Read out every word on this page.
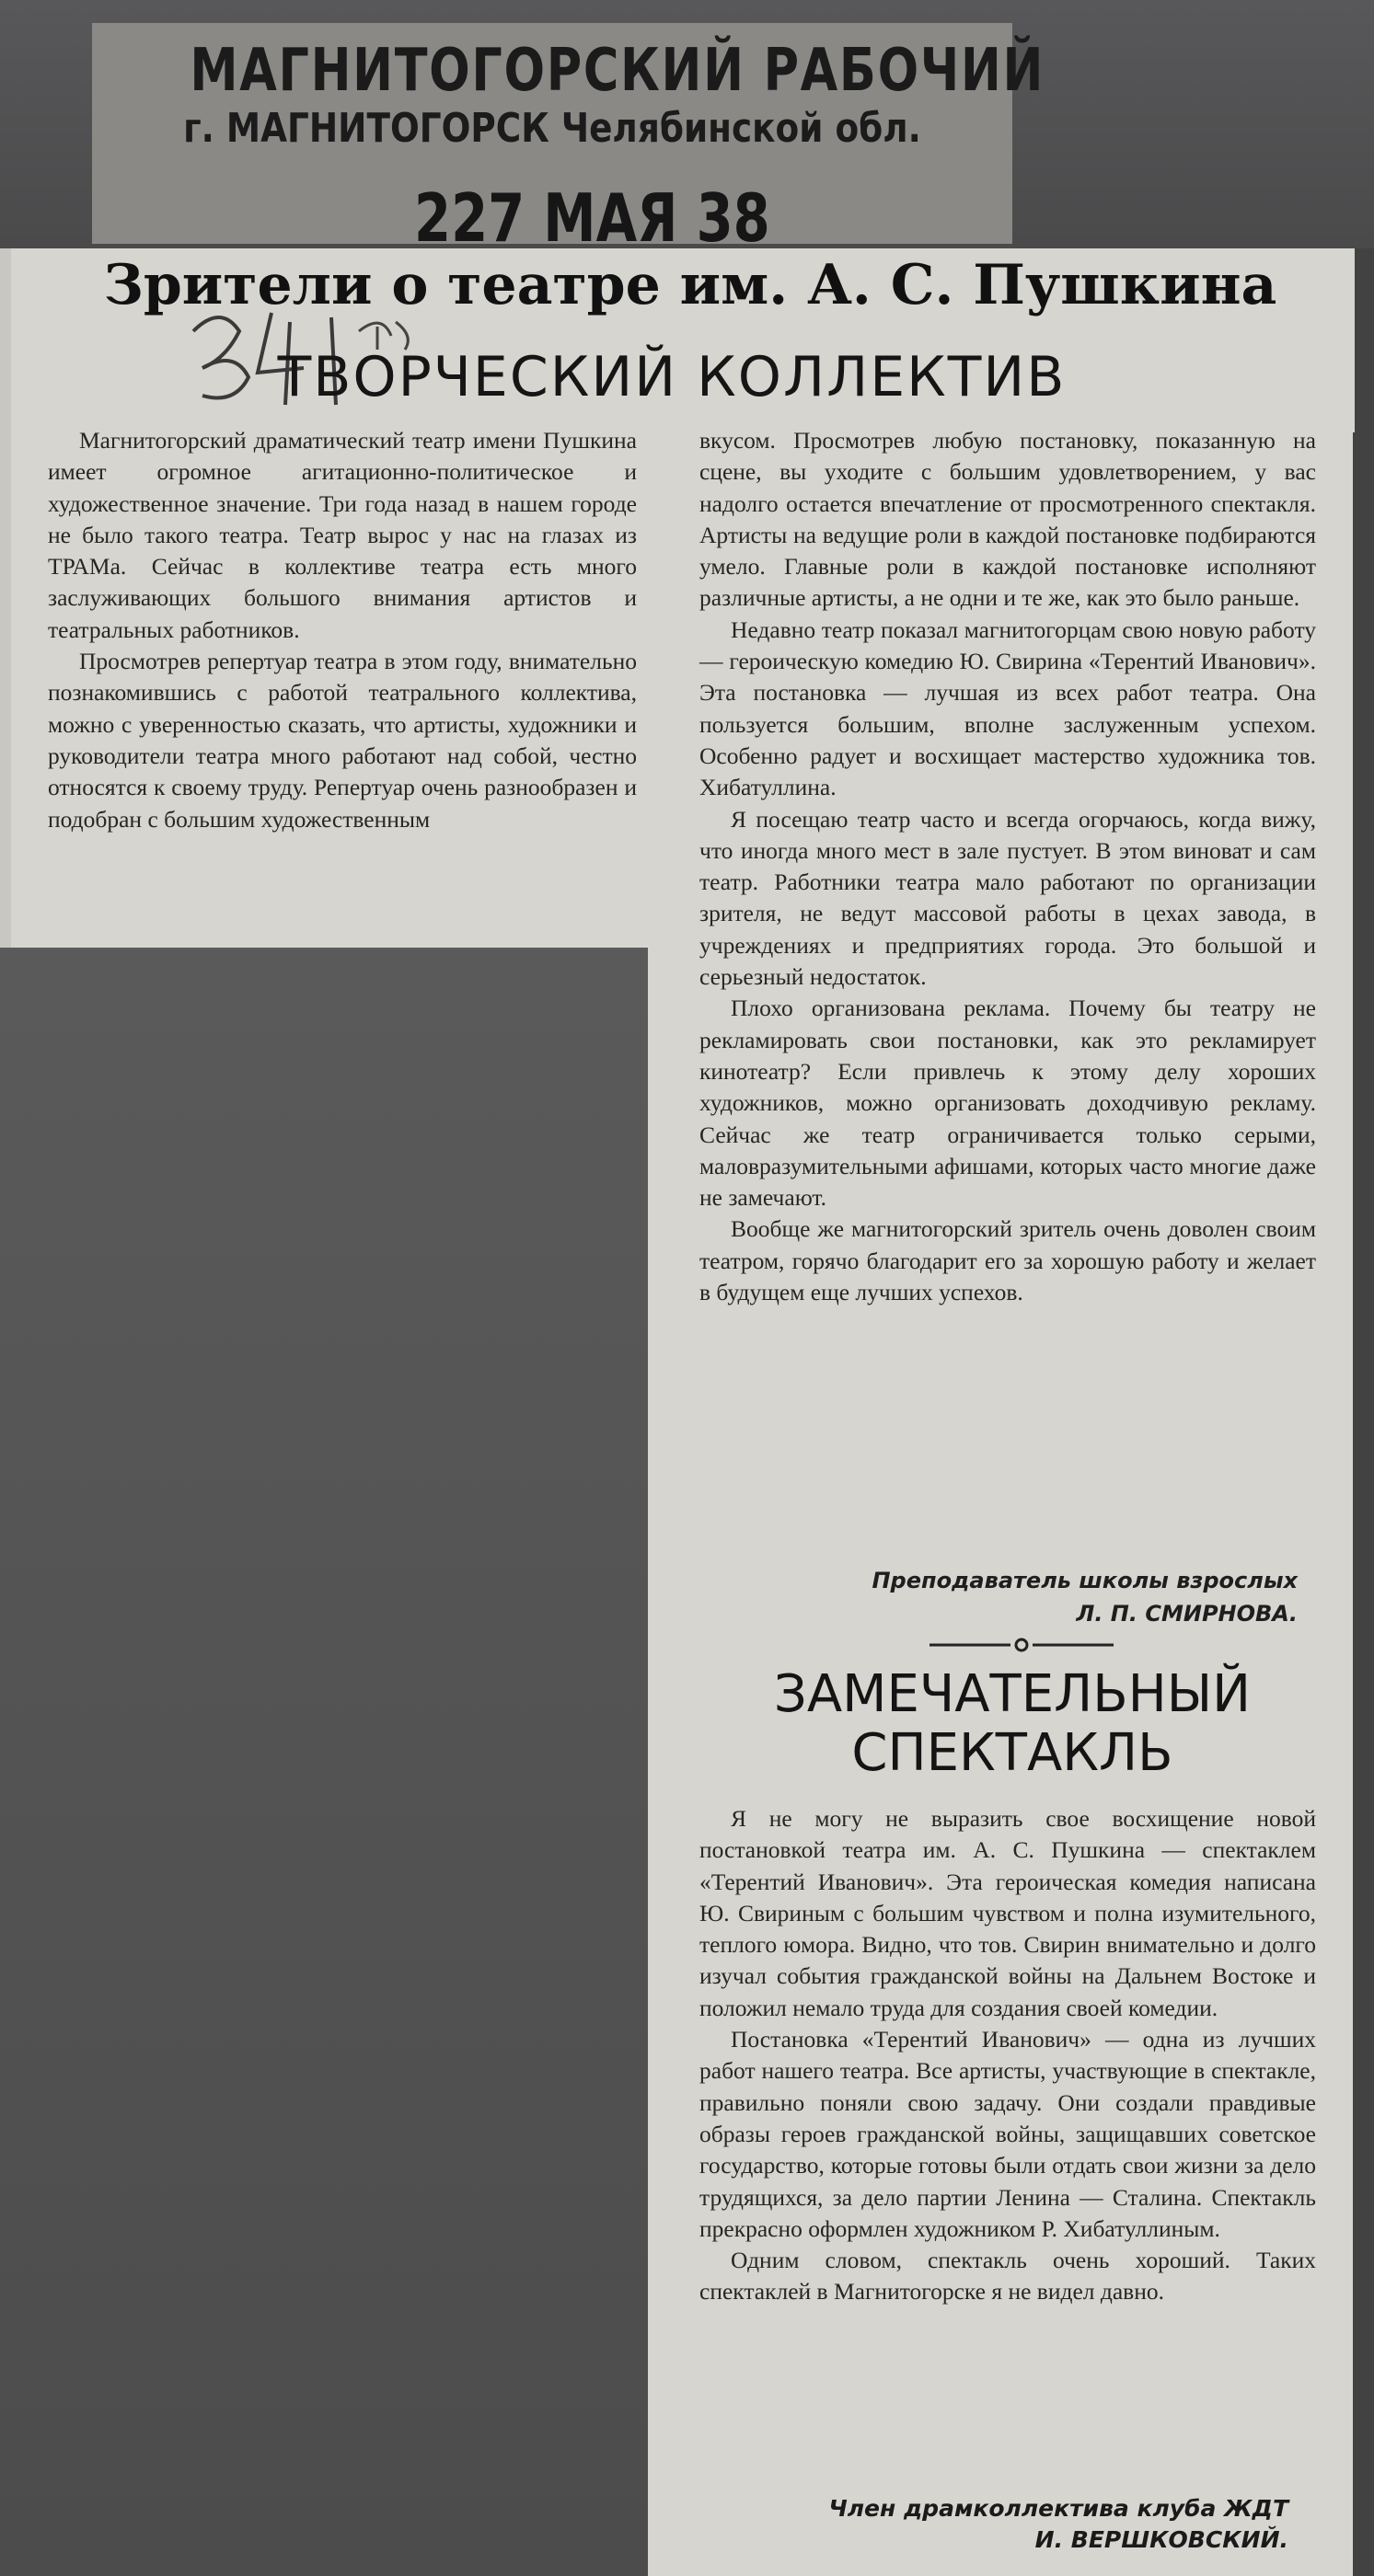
МАГНИТОГОРСКИЙ РАБОЧИЙ
г. МАГНИТОГОРСК Челябинской обл.
227 МАЯ 38
Зрители о театре им. А. С. Пушкина
ТВОРЧЕСКИЙ КОЛЛЕКТИВ

Магнитогорский драматический театр имени Пушкина имеет огромное агитационно-политическое и художественное значение. Три года назад в нашем городе не было такого театра. Театр вырос у нас на глазах из ТРАМа. Сейчас в коллективе театра есть много заслуживающих большого внимания артистов и театральных работников.

Просмотрев репертуар театра в этом году, внимательно познакомившись с работой театрального коллектива, можно с уверенностью сказать, что артисты, художники и руководители театра много работают над собой, честно относятся к своему труду. Репертуар очень разнообразен и подобран с большим художественным

вкусом. Просмотрев любую постановку, показанную на сцене, вы уходите с большим удовлетворением, у вас надолго остается впечатление от просмотренного спектакля. Артисты на ведущие роли в каждой постановке подбираются умело. Главные роли в каждой постановке исполняют различные артисты, а не одни и те же, как это было раньше.

Недавно театр показал магнитогорцам свою новую работу — героическую комедию Ю. Свирина «Терентий Иванович». Эта постановка — лучшая из всех работ театра. Она пользуется большим, вполне заслуженным успехом. Особенно радует и восхищает мастерство художника тов. Хибатуллина.

Я посещаю театр часто и всегда огорчаюсь, когда вижу, что иногда много мест в зале пустует. В этом виноват и сам театр. Работники театра мало работают по организации зрителя, не ведут массовой работы в цехах завода, в учреждениях и предприятиях города. Это большой и серьезный недостаток.

Плохо организована реклама. Почему бы театру не рекламировать свои постановки, как это рекламирует кинотеатр? Если привлечь к этому делу хороших художников, можно организовать доходчивую рекламу. Сейчас же театр ограничивается только серыми, маловразумительными афишами, которых часто многие даже не замечают.

Вообще же магнитогорский зритель очень доволен своим театром, горячо благодарит его за хорошую работу и желает в будущем еще лучших успехов.

Преподаватель школы взрослых
Л. П. СМИРНОВА.
ЗАМЕЧАТЕЛЬНЫЙ
СПЕКТАКЛЬ

Я не могу не выразить свое восхищение новой постановкой театра им. А. С. Пушкина — спектаклем «Терентий Иванович». Эта героическая комедия написана Ю. Свириным с большим чувством и полна изумительного, теплого юмора. Видно, что тов. Свирин внимательно и долго изучал события гражданской войны на Дальнем Востоке и положил немало труда для создания своей комедии.

Постановка «Терентий Иванович» — одна из лучших работ нашего театра. Все артисты, участвующие в спектакле, правильно поняли свою задачу. Они создали правдивые образы героев гражданской войны, защищавших советское государство, которые готовы были отдать свои жизни за дело трудящихся, за дело партии Ленина — Сталина. Спектакль прекрасно оформлен художником Р. Хибатуллиным.

Одним словом, спектакль очень хороший. Таких спектаклей в Магнитогорске я не видел давно.

Член драмколлектива клуба ЖДТ
И. ВЕРШКОВСКИЙ.
